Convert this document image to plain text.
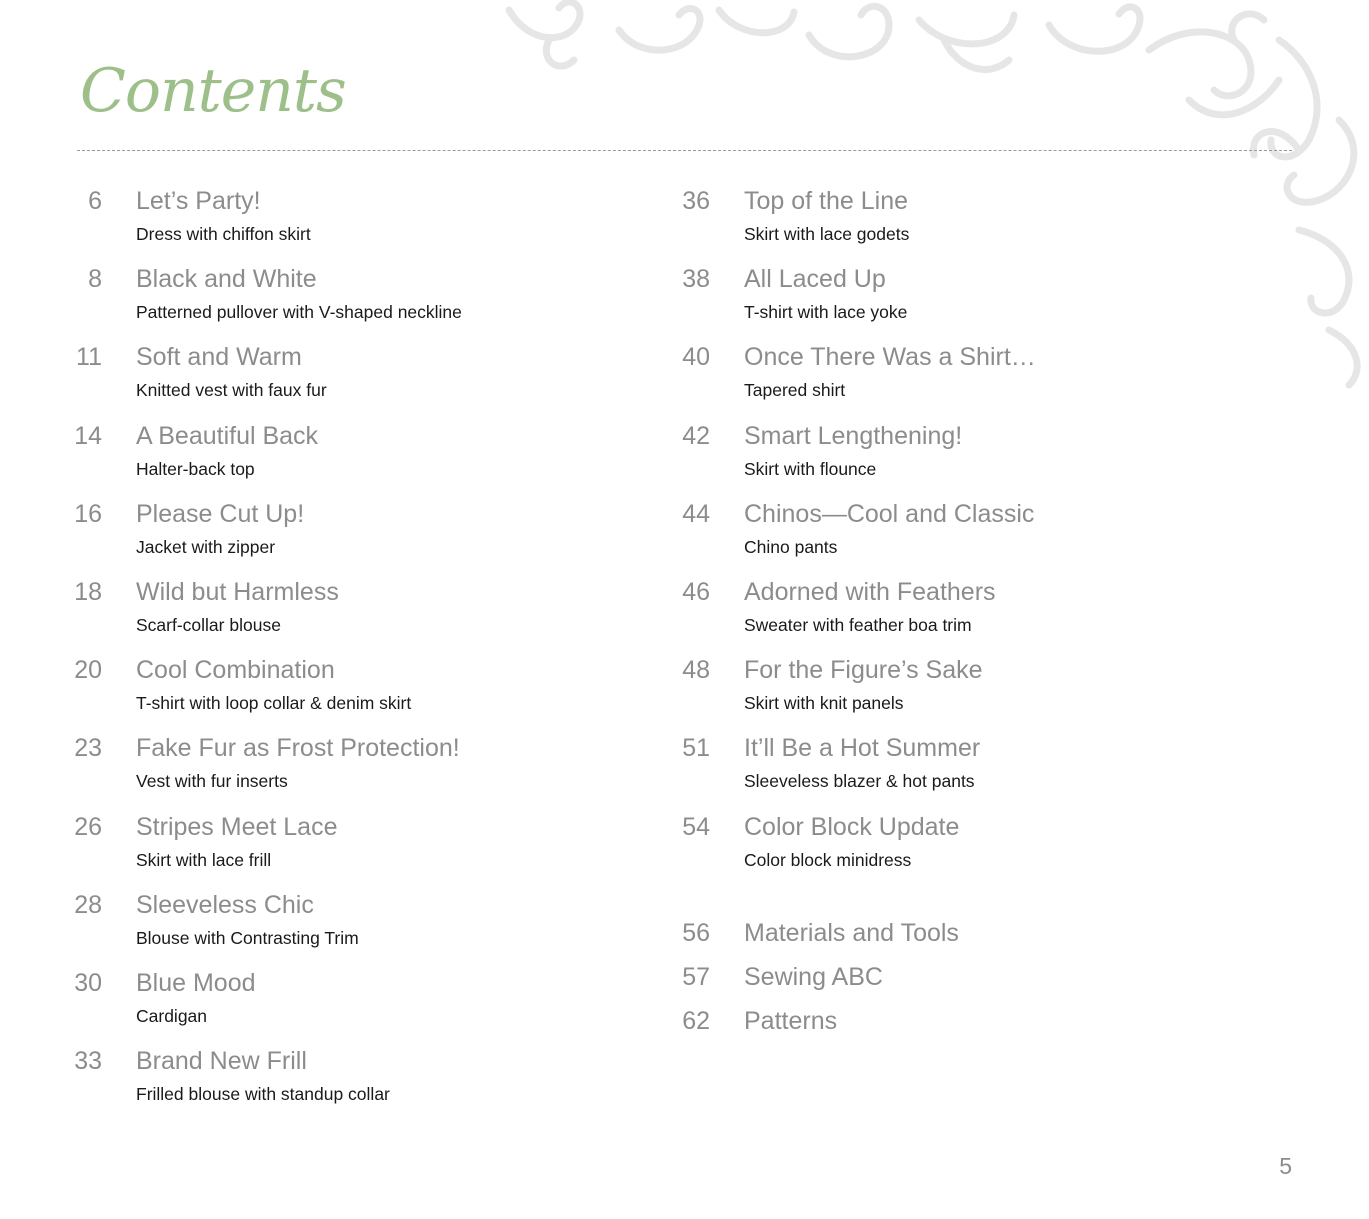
Contents
6 Let’s Party!
Dress with chiffon skirt
8 Black and White
Patterned pullover with V-shaped neckline
11 Soft and Warm
Knitted vest with faux fur
14 A Beautiful Back
Halter-back top
16 Please Cut Up!
Jacket with zipper
18 Wild but Harmless
Scarf-collar blouse
20 Cool Combination
T-shirt with loop collar & denim skirt
23 Fake Fur as Frost Protection!
Vest with fur inserts
26 Stripes Meet Lace
Skirt with lace frill
28 Sleeveless Chic
Blouse with Contrasting Trim
30 Blue Mood
Cardigan
33 Brand New Frill
Frilled blouse with standup collar
36 Top of the Line
Skirt with lace godets
38 All Laced Up
T-shirt with lace yoke
40 Once There Was a Shirt…
Tapered shirt
42 Smart Lengthening!
Skirt with flounce
44 Chinos—Cool and Classic
Chino pants
46 Adorned with Feathers
Sweater with feather boa trim
48 For the Figure’s Sake
Skirt with knit panels
51 It’ll Be a Hot Summer
Sleeveless blazer & hot pants
54 Color Block Update
Color block minidress
56 Materials and Tools
57 Sewing ABC
62 Patterns
5
